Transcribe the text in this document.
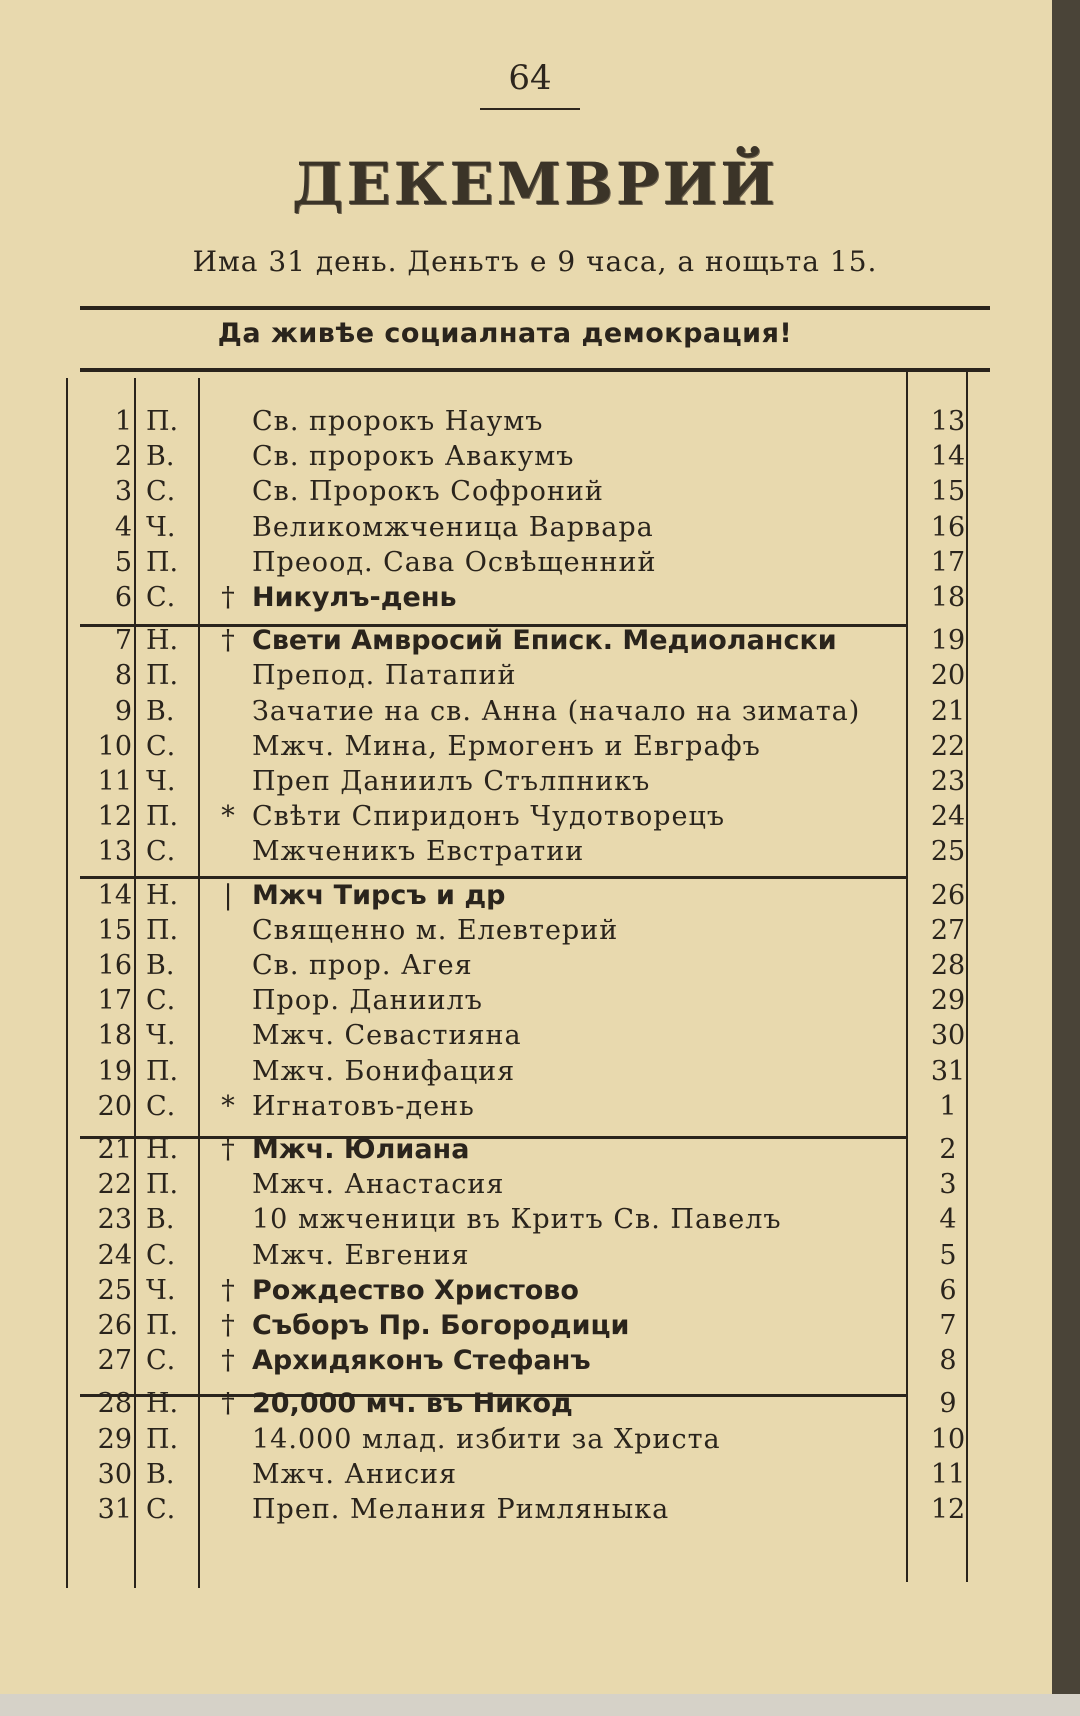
64
ДЕКЕМВРИЙ
Има 31 день. Деньтъ е 9 часа, а нощьта 15.
Да живѣе социалната демокрация!
1 П.	Св. пророкъ Наумъ	13
2 В.	Св. пророкъ Авакумъ	14
3 С.	Св. Пророкъ Софроний	15
4 Ч.	Великомжченица Варвара	16
5 П.	Преоод. Сава Освѣщенний	17
6 С. † Никулъ-день	18
7 Н. † Свети Амвросий Еписк. Медиолански	19
8 П.	Препод. Патапий	20
9 В.	Зачатие на св. Анна (начало на зимата)	21
10 С.	Мжч. Мина, Ермогенъ и Евграфъ	22
11 Ч.	Преп Даниилъ Стълпникъ	23
12 П. * Свѣти Спиридонъ Чудотворецъ	24
13 С.	Мжченикъ Евстратии	25
14 Н. | Мжч Тирсъ и др	26
15 П.	Священно м. Елевтерий	27
16 В.	Св. прор. Агея	28
17 С.	Прор. Даниилъ	29
18 Ч.	Мжч. Севастияна	30
19 П.	Мжч. Бонифация	31
20 С. * Игнатовъ-день	1
21 Н. † Мжч. Юлиана	2
22 П.	Мжч. Анастасия	3
23 В.	10 мжченици въ Критъ Св. Павелъ	4
24 С.	Мжч. Евгения	5
25 Ч. † Рождество Христово	6
26 П. † Съборъ Пр. Богородици	7
27 С. † Архидяконъ Стефанъ	8
28 Н. † 20,000 мч. въ Никод	9
29 П.	14.000 млад. избити за Христа	10
30 В.	Мжч. Анисия	11
31 С.	Преп. Мелания Римляныка	12
